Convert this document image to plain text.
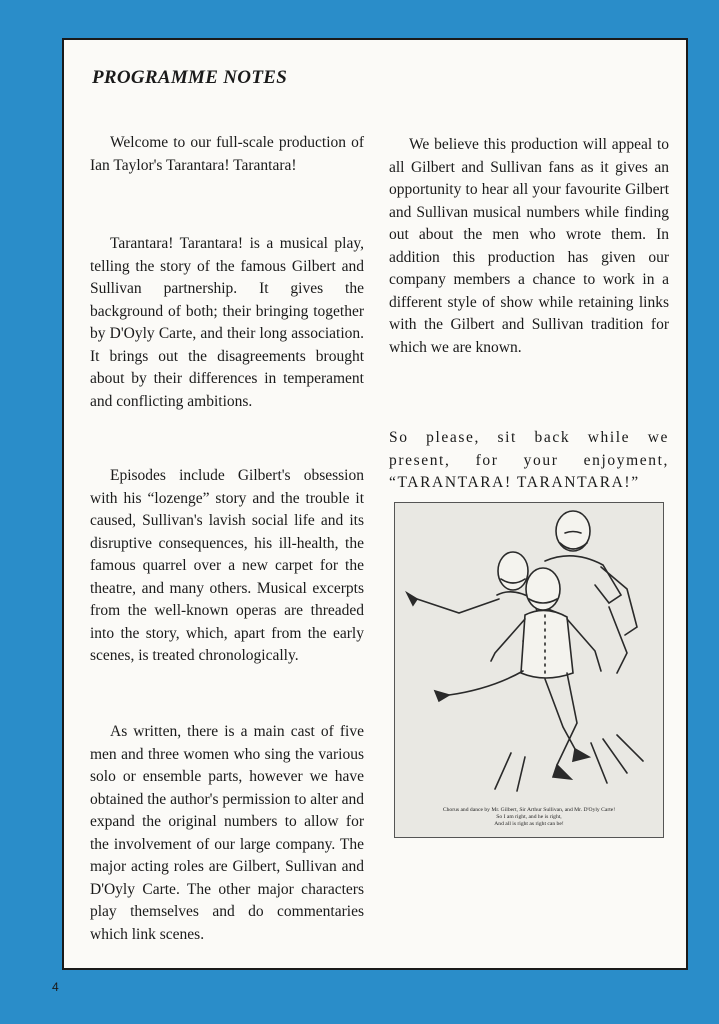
PROGRAMME NOTES

Welcome to our full-scale production of Ian Taylor's Tarantara! Tarantara!

Tarantara! Tarantara! is a musical play, telling the story of the famous Gilbert and Sullivan partnership. It gives the background of both; their bringing together by D'Oyly Carte, and their long association. It brings out the disagreements brought about by their differences in temperament and conflicting ambitions.

Episodes include Gilbert's obsession with his “lozenge” story and the trouble it caused, Sullivan's lavish social life and its disruptive consequences, his ill-health, the famous quarrel over a new carpet for the theatre, and many others. Musical excerpts from the well-known operas are threaded into the story, which, apart from the early scenes, is treated chronologically.

As written, there is a main cast of five men and three women who sing the various solo or ensemble parts, however we have obtained the author's permission to alter and expand the original numbers to allow for the involvement of our large company. The major acting roles are Gilbert, Sullivan and D'Oyly Carte. The other major characters play themselves and do commentaries which link scenes.

We believe this production will appeal to all Gilbert and Sullivan fans as it gives an opportunity to hear all your favourite Gilbert and Sullivan musical numbers while finding out about the men who wrote them. In addition this production has given our company members a chance to work in a different style of show while retaining links with the Gilbert and Sullivan tradition for which we are known.

So please, sit back while we present, for your enjoyment, “TARANTARA! TARANTARA!”

Chorus and dance by Mr. Gilbert, Sir Arthur Sullivan, and Mr. D'Oyly Carte!
So I am right, and he is right,
And all is right as right can be!
4
